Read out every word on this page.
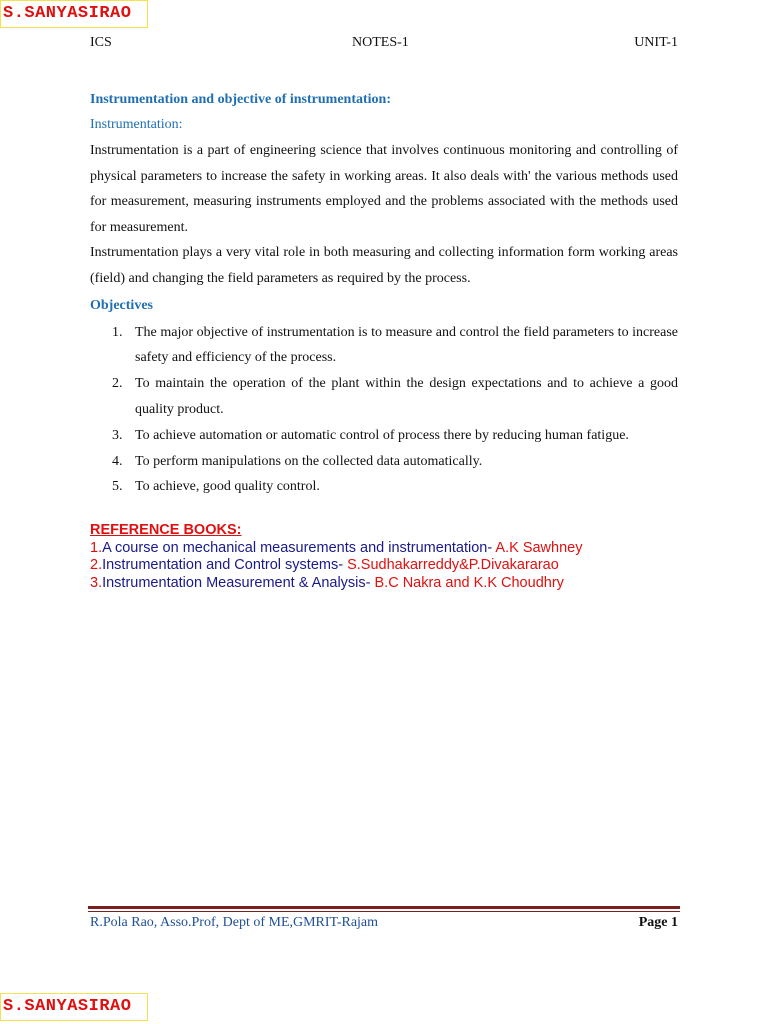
S.SANYASIRAO
ICS	NOTES-1	UNIT-1

Instrumentation and objective of instrumentation:

Instrumentation:

Instrumentation is a part of engineering science that involves continuous monitoring and controlling of physical parameters to increase the safety in working areas. It also deals with' the various methods used for measurement, measuring instruments employed and the problems associated with the methods used for measurement.

Instrumentation plays a very vital role in both measuring and collecting information form working areas (field) and changing the field parameters as required by the process.

Objectives

1. The major objective of instrumentation is to measure and control the field parameters to increase safety and efficiency of the process.
2. To maintain the operation of the plant within the design expectations and to achieve a good quality product.
3. To achieve automation or automatic control of process there by reducing human fatigue.
4. To perform manipulations on the collected data automatically.
5. To achieve, good quality control.
REFERENCE BOOKS:
1.A course on mechanical measurements and instrumentation- A.K Sawhney
2.Instrumentation and Control systems- S.Sudhakarreddy&P.Divakararao
3.Instrumentation Measurement & Analysis- B.C Nakra and K.K Choudhry
R.Pola Rao, Asso.Prof, Dept of ME,GMRIT-Rajam	Page 1
S.SANYASIRAO
